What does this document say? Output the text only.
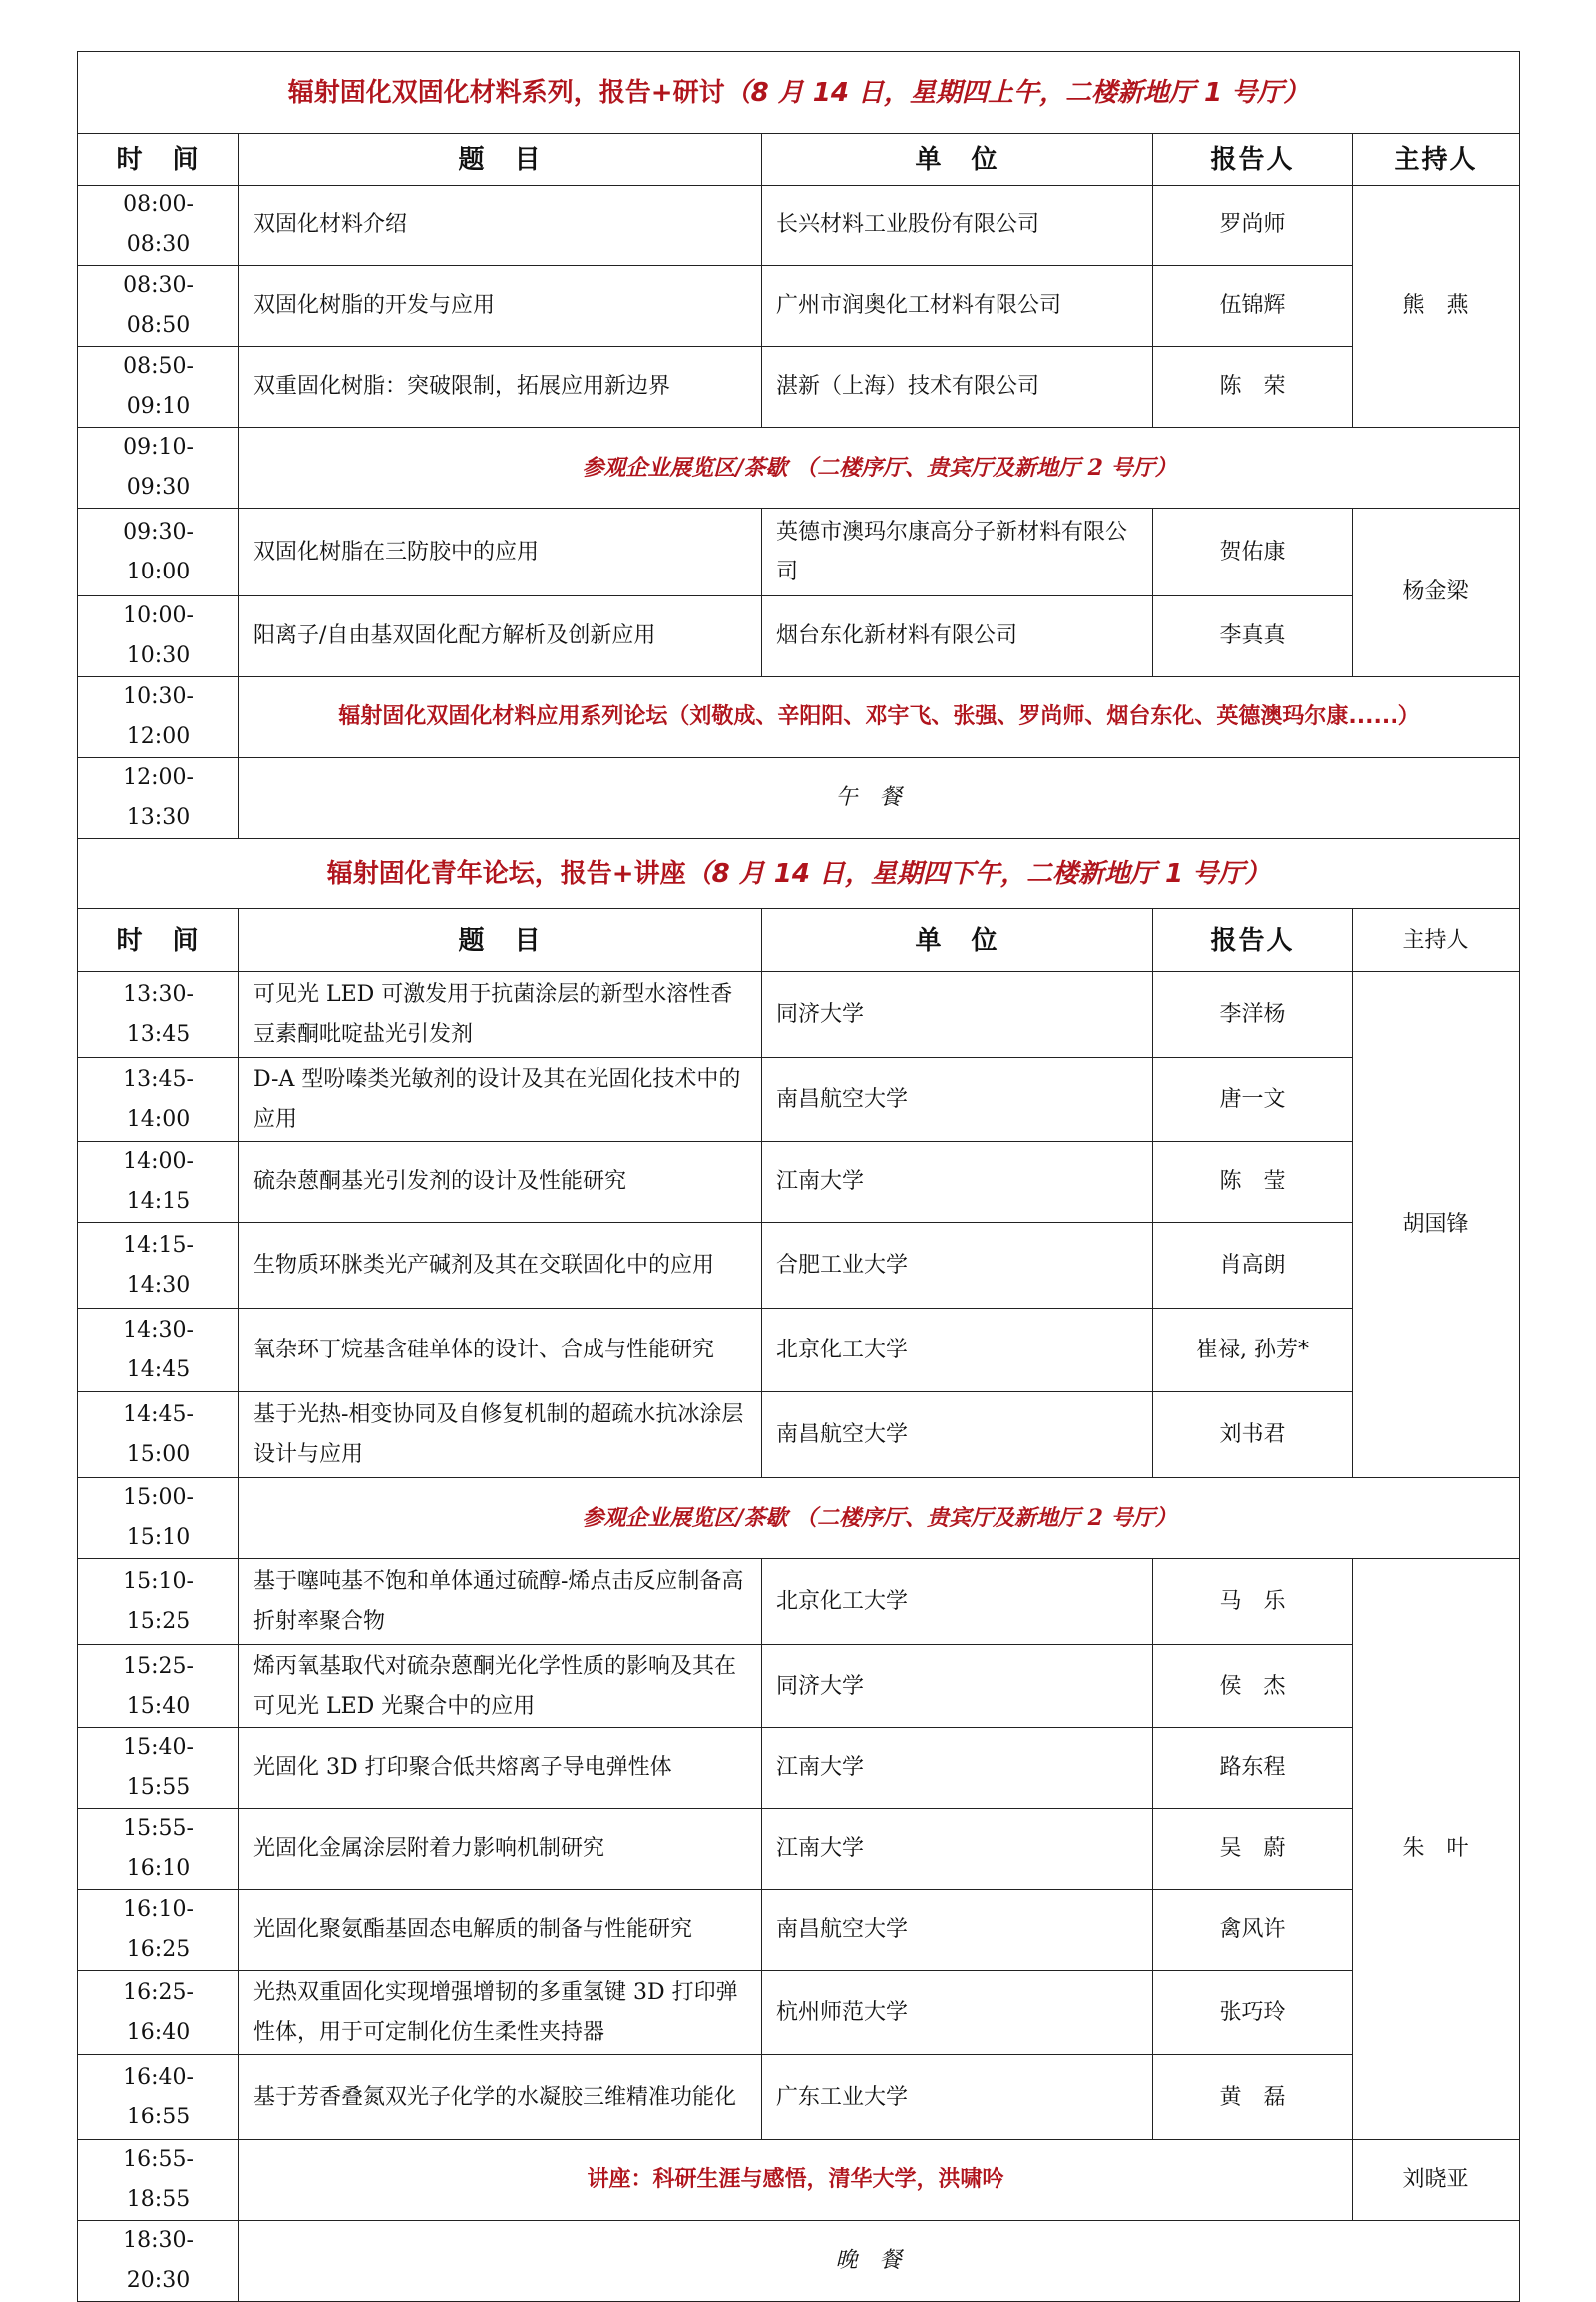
辐射固化双固化材料系列，报告+研讨（8 月 14 日，星期四上午，二楼新地厅 1 号厅）				
时　间	题　目	单　位	报告人	主持人
08:00-08:30	双固化材料介绍	长兴材料工业股份有限公司	罗尚师	熊　燕
08:30-08:50	双固化树脂的开发与应用	广州市润奥化工材料有限公司	伍锦辉	
08:50-09:10	双重固化树脂：突破限制，拓展应用新边界	湛新（上海）技术有限公司	陈　荣	
09:10-09:30	参观企业展览区/茶歇 （二楼序厅、贵宾厅及新地厅 2 号厅）			
09:30-10:00	双固化树脂在三防胶中的应用	英德市澳玛尔康高分子新材料有限公司	贺佑康	杨金梁
10:00-10:30	阳离子/自由基双固化配方解析及创新应用	烟台东化新材料有限公司	李真真	
10:30-12:00	辐射固化双固化材料应用系列论坛（刘敬成、辛阳阳、邓宇飞、张强、罗尚师、烟台东化、英德澳玛尔康......）			
12:00-13:30	午餐			
辐射固化青年论坛，报告+讲座（8 月 14 日，星期四下午，二楼新地厅 1 号厅）				
时　间	题　目	单　位	报告人	主持人
13:30-13:45	可见光 LED 可激发用于抗菌涂层的新型水溶性香豆素酮吡啶盐光引发剂	同济大学	李洋杨	胡国锋
13:45-14:00	D-A 型吩嗪类光敏剂的设计及其在光固化技术中的应用	南昌航空大学	唐一文	
14:00-14:15	硫杂蒽酮基光引发剂的设计及性能研究	江南大学	陈　莹	
14:15-14:30	生物质环脒类光产碱剂及其在交联固化中的应用	合肥工业大学	肖高朗	
14:30-14:45	氧杂环丁烷基含硅单体的设计、合成与性能研究	北京化工大学	崔禄, 孙芳*	
14:45-15:00	基于光热-相变协同及自修复机制的超疏水抗冰涂层设计与应用	南昌航空大学	刘书君	
15:00-15:10	参观企业展览区/茶歇 （二楼序厅、贵宾厅及新地厅 2 号厅）			
15:10-15:25	基于噻吨基不饱和单体通过硫醇-烯点击反应制备高折射率聚合物	北京化工大学	马　乐	朱　叶
15:25-15:40	烯丙氧基取代对硫杂蒽酮光化学性质的影响及其在可见光 LED 光聚合中的应用	同济大学	侯　杰	
15:40-15:55	光固化 3D 打印聚合低共熔离子导电弹性体	江南大学	路东程	
15:55-16:10	光固化金属涂层附着力影响机制研究	江南大学	吴　蔚	
16:10-16:25	光固化聚氨酯基固态电解质的制备与性能研究	南昌航空大学	禽风许	
16:25-16:40	光热双重固化实现增强增韧的多重氢键 3D 打印弹性体，用于可定制化仿生柔性夹持器	杭州师范大学	张巧玲	
16:40-16:55	基于芳香叠氮双光子化学的水凝胶三维精准功能化	广东工业大学	黄　磊	
16:55-18:55	讲座：科研生涯与感悟，清华大学，洪啸吟			刘晓亚
18:30-20:30	晚餐			
